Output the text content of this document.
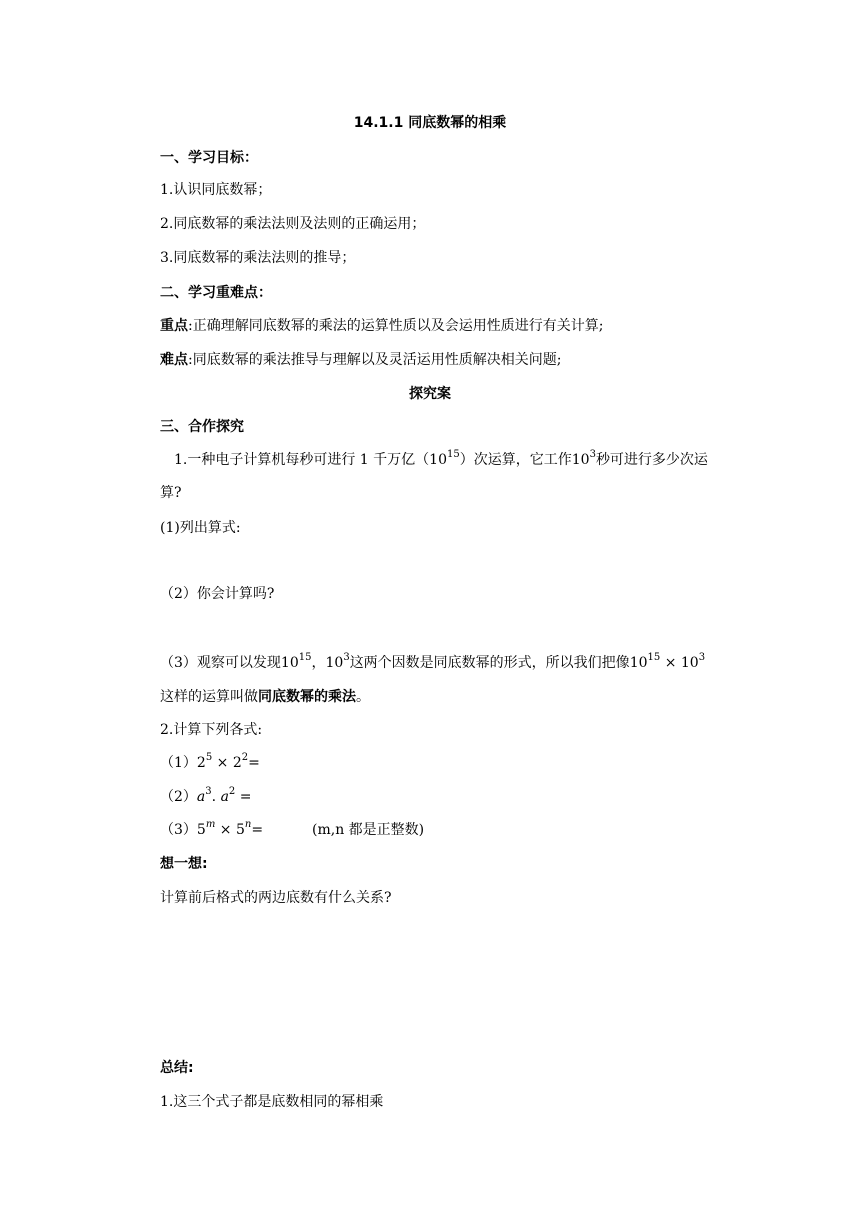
14.1.1 同底数幂的相乘
一、学习目标：
1.认识同底数幂；
2.同底数幂的乘法法则及法则的正确运用；
3.同底数幂的乘法法则的推导；
二、学习重难点：
重点:正确理解同底数幂的乘法的运算性质以及会运用性质进行有关计算;
难点:同底数幂的乘法推导与理解以及灵活运用性质解决相关问题;
探究案
三、合作探究
1.一种电子计算机每秒可进行 1 千万亿$(10^{15})$次运算，它工作$10^3$秒可进行多少次运
算?
(1)列出算式:
（2）你会计算吗?
（3）观察可以发现$10^{15}$，$10^3$这两个因数是同底数幂的形式，所以我们把像$10^{15} \times 10^3$
这样的运算叫做同底数幂的乘法。
2.计算下列各式:
$(1)2^5 \times 2^2=$
$(2)a^3$. $a^2$ =
$(3)5^m \times 5^n=$	(m,n 都是正整数)
想一想:
计算前后格式的两边底数有什么关系?
总结:
1.这三个式子都是底数相同的幂相乘
